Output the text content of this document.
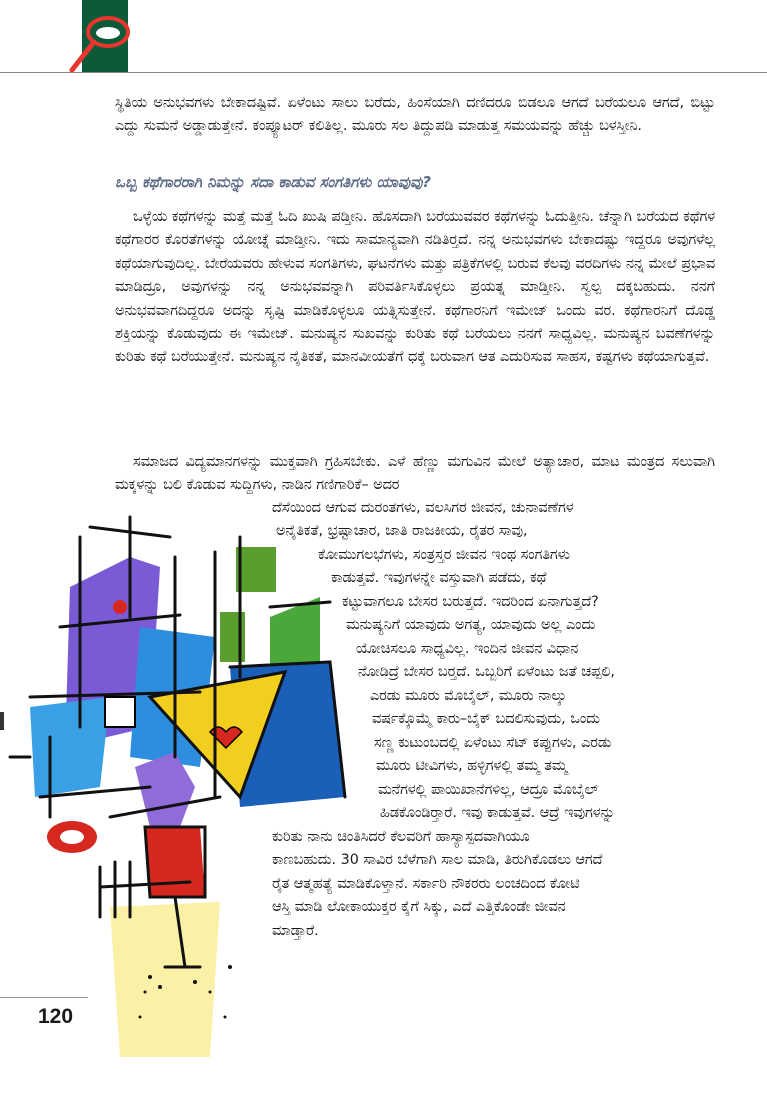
ಸ್ಥಿತಿಯ ಅನುಭವಗಳು ಬೇಕಾದಷ್ಟಿವೆ. ಏಳೆಂಟು ಸಾಲು ಬರೆದು, ಹಿಂಸೆಯಾಗಿ ದಣಿದರೂ ಬಿಡಲೂ ಆಗದೆ ಬರೆಯಲೂ ಆಗದೆ, ಬಿಟ್ಟು ಎದ್ದು ಸುಮನೆ ಅಡ್ಡಾಡುತ್ತೇನೆ. ಕಂಪ್ಯೂಟರ್ ಕಲಿತಿಲ್ಲ. ಮೂರು ಸಲ ತಿದ್ದುಪಡಿ ಮಾಡುತ್ತ ಸಮಯವನ್ನು ಹೆಚ್ಚು ಬಳಸ್ತೀನಿ.
ಒಬ್ಬ ಕಥೆಗಾರರಾಗಿ ನಿಮನ್ನು ಸದಾ ಕಾಡುವ ಸಂಗತಿಗಳು ಯಾವುವು?
ಒಳ್ಳೆಯ ಕಥೆಗಳನ್ನು ಮತ್ತೆ ಮತ್ತೆ ಓದಿ ಖುಷಿ ಪಡ್ತೀನಿ. ಹೊಸದಾಗಿ ಬರೆಯುವವರ ಕಥೆಗಳನ್ನು ಓದುತ್ತೀನಿ. ಚೆನ್ನಾಗಿ ಬರೆಯದ ಕಥೆಗಳ ಕಥೆಗಾರರ ಕೊರತೆಗಳನ್ನು ಯೋಚ್ನೆ ಮಾಡ್ತೀನಿ. ಇದು ಸಾಮಾನ್ಯವಾಗಿ ನಡಿತಿರ್‍ತದೆ. ನನ್ನ ಅನುಭವಗಳು ಬೇಕಾದಷ್ಟು ಇದ್ದರೂ ಅವುಗಳೆಲ್ಲ ಕಥೆಯಾಗುವುದಿಲ್ಲ. ಬೇರೆಯವರು ಹೇಳುವ ಸಂಗತಿಗಳು, ಘಟನೆಗಳು ಮತ್ತು ಪತ್ರಿಕೆಗಳಲ್ಲಿ ಬರುವ ಕೆಲವು ವರದಿಗಳು ನನ್ನ ಮೇಲೆ ಪ್ರಭಾವ ಮಾಡಿದ್ರೂ, ಅವುಗಳನ್ನು ನನ್ನ ಅನುಭವವನ್ನಾಗಿ ಪರಿವರ್ತಿಸಿಕೊಳ್ಳಲು ಪ್ರಯತ್ನ ಮಾಡ್ತೀನಿ. ಸ್ವಲ್ಪ ದಕ್ಕಬಹುದು. ನನಗೆ ಅನುಭವವಾಗದಿದ್ದರೂ ಅದನ್ನು ಸೃಷ್ಟಿ ಮಾಡಿಕೊಳ್ಳಲೂ ಯತ್ನಿಸುತ್ತೇನೆ. ಕಥೆಗಾರನಿಗೆ ಇಮೇಜ್ ಒಂದು ವರ. ಕಥೆಗಾರನಿಗೆ ದೊಡ್ಡ ಶಕ್ತಿಯನ್ನು ಕೊಡುವುದು ಈ ಇಮೇಜ್. ಮನುಷ್ಯನ ಸುಖವನ್ನು ಕುರಿತು ಕಥೆ ಬರೆಯಲು ನನಗೆ ಸಾಧ್ಯವಿಲ್ಲ. ಮನುಷ್ಯನ ಬವಣೆಗಳನ್ನು ಕುರಿತು ಕಥೆ ಬರೆಯುತ್ತೇನೆ. ಮನುಷ್ಯನ ನೈತಿಕತೆ, ಮಾನವೀಯತೆಗೆ ಧಕ್ಕೆ ಬರುವಾಗ ಆತ ಎದುರಿಸುವ ಸಾಹಸ, ಕಷ್ಟಗಳು ಕಥೆಯಾಗುತ್ತವೆ.
ಸಮಾಜದ ವಿದ್ಯಮಾನಗಳನ್ನು ಮುಕ್ತವಾಗಿ ಗ್ರಹಿಸಬೇಕು. ಎಳೆ ಹೆಣ್ಣು ಮಗುವಿನ ಮೇಲೆ ಅತ್ಯಾಚಾರ, ಮಾಟ ಮಂತ್ರದ ಸಲುವಾಗಿ ಮಕ್ಕಳನ್ನು ಬಲಿ ಕೊಡುವ ಸುದ್ದಿಗಳು, ನಾಡಿನ ಗಣಿಗಾರಿಕೆ– ಅದರ
ದೆಸೆಯಿಂದ ಆಗುವ ದುರಂತಗಳು, ವಲಸಿಗರ ಜೀವನ, ಚುನಾವಣೆಗಳ
ಅನೈತಿಕತೆ, ಭ್ರಷ್ಟಾಚಾರ, ಜಾತಿ ರಾಜಕೀಯ, ರೈತರ ಸಾವು,
ಕೋಮುಗಲಭೆಗಳು, ಸಂತ್ರಸ್ತರ ಜೀವನ ಇಂಥ ಸಂಗತಿಗಳು
ಕಾಡುತ್ತವೆ. ಇವುಗಳನ್ನೇ ವಸ್ತುವಾಗಿ ಪಡೆದು, ಕಥೆ
ಕಟ್ಟುವಾಗಲೂ ಬೇಸರ ಬರುತ್ತದೆ. ಇದರಿಂದ ಏನಾಗುತ್ತದೆ?
ಮನುಷ್ಯನಿಗೆ ಯಾವುದು ಅಗತ್ಯ, ಯಾವುದು ಅಲ್ಲ ಎಂದು
ಯೋಚಿಸಲೂ ಸಾಧ್ಯವಿಲ್ಲ. ಇಂದಿನ ಜೀವನ ವಿಧಾನ
ನೋಡಿದ್ರೆ ಬೇಸರ ಬರ್‍ತದೆ. ಒಬ್ಬರಿಗೆ ಏಳೆಂಟು ಜತೆ ಚಪ್ಪಲಿ,
ಎರಡು ಮೂರು ಮೊಬೈಲ್, ಮೂರು ನಾಲ್ಕು
ವರ್ಷಕ್ಕೊಮ್ಮೆ ಕಾರು–ಬೈಕ್ ಬದಲಿಸುವುದು, ಒಂದು
ಸಣ್ಣ ಕುಟುಂಬದಲ್ಲಿ ಏಳೆಂಟು ಸೆಟ್ ಕಪ್ಪುಗಳು, ಎರಡು
ಮೂರು ಟೀವಿಗಳು, ಹಳ್ಳಿಗಳಲ್ಲಿ ತಮ್ಮ ತಮ್ಮ
ಮನೆಗಳಲ್ಲಿ ಪಾಯಿಖಾನೆಗಳಿಲ್ಲ, ಆದ್ರೂ ಮೊಬೈಲ್
ಹಿಡಕೊಂಡಿರ್‍ತಾರೆ. ಇವು ಕಾಡುತ್ತವೆ. ಆದ್ರೆ ಇವುಗಳನ್ನು
ಕುರಿತು ನಾನು ಚಿಂತಿಸಿದರೆ ಕೆಲವರಿಗೆ ಹಾಸ್ಯಾಸ್ಪದವಾಗಿಯೂ
ಕಾಣಬಹುದು. 30 ಸಾವಿರ ಬೆಳೆಗಾಗಿ ಸಾಲ ಮಾಡಿ, ತಿರುಗಿಕೊಡಲು ಆಗದೆ
ರೈತ ಆತ್ಮಹತ್ಯೆ ಮಾಡಿಕೊಳ್ತಾನೆ. ಸರ್ಕಾರಿ ನೌಕರರು ಲಂಚದಿಂದ ಕೋಟಿ
ಆಸ್ತಿ ಮಾಡಿ ಲೋಕಾಯುಕ್ತರ ಕೈಗೆ ಸಿಕ್ಕು, ಎದೆ ಎತ್ತಿಕೊಂಡೇ ಜೀವನ
ಮಾಡ್ತಾರೆ.
120
